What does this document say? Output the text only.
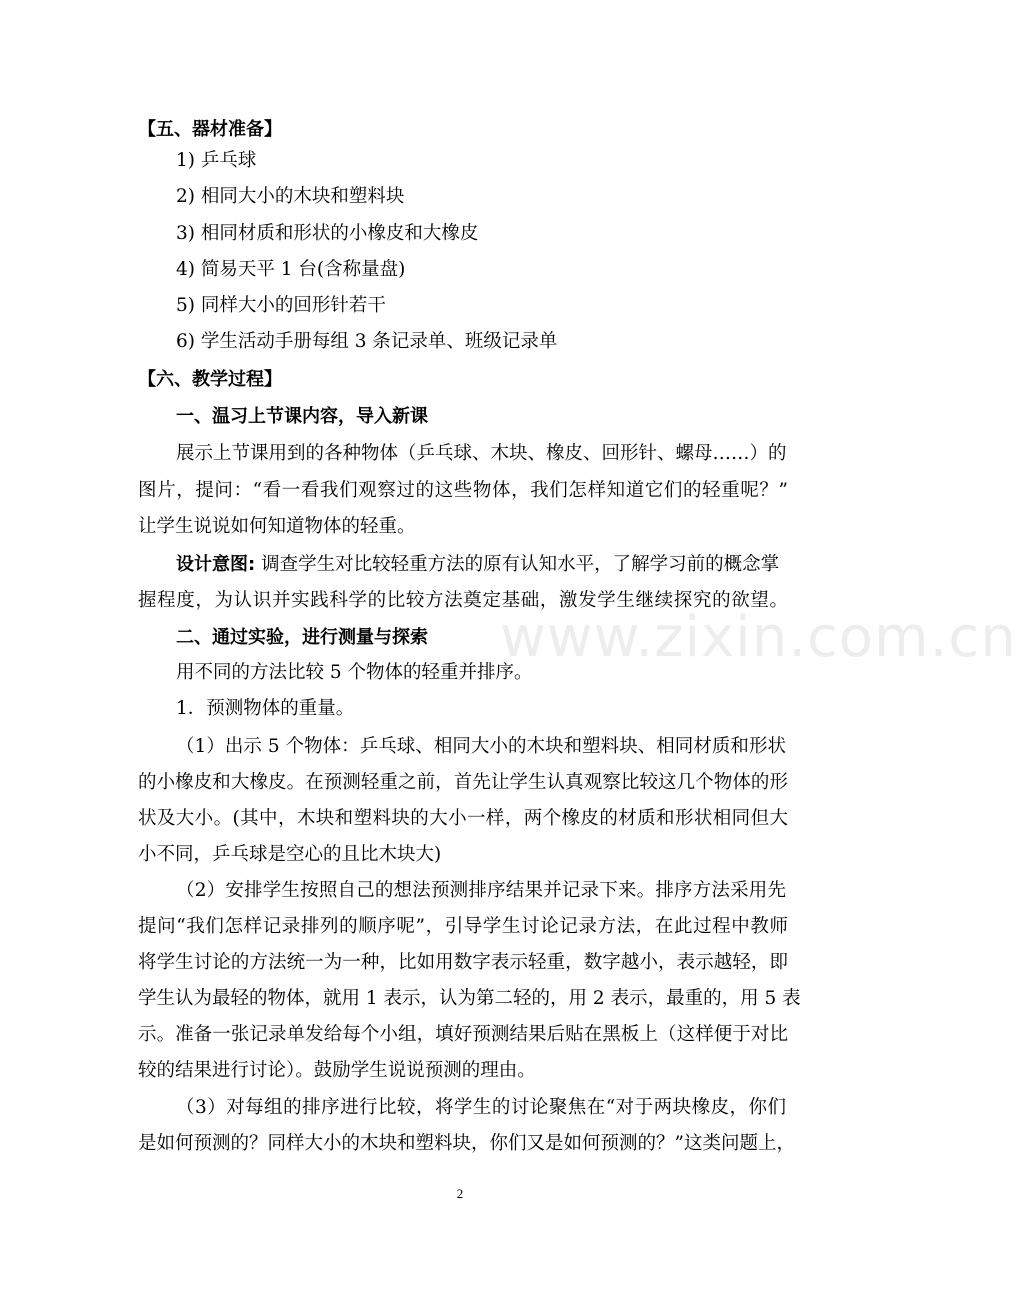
www.zixin.com.cn
【五、器材准备】
1) 乒乓球
2) 相同大小的木块和塑料块
3) 相同材质和形状的小橡皮和大橡皮
4) 简易天平 1 台(含称量盘)
5) 同样大小的回形针若干
6) 学生活动手册每组 3 条记录单、班级记录单
【六、教学过程】
一、温习上节课内容，导入新课
展示上节课用到的各种物体（乒乓球、木块、橡皮、回形针、螺母……）的
图片，提问：“看一看我们观察过的这些物体，我们怎样知道它们的轻重呢？”
让学生说说如何知道物体的轻重。
设计意图: 调查学生对比较轻重方法的原有认知水平，了解学习前的概念掌
握程度，为认识并实践科学的比较方法奠定基础，激发学生继续探究的欲望。
二、通过实验，进行测量与探索
用不同的方法比较 5 个物体的轻重并排序。
1．预测物体的重量。
（1）出示 5 个物体：乒乓球、相同大小的木块和塑料块、相同材质和形状
的小橡皮和大橡皮。在预测轻重之前，首先让学生认真观察比较这几个物体的形
状及大小。(其中，木块和塑料块的大小一样，两个橡皮的材质和形状相同但大
小不同，乒乓球是空心的且比木块大)
（2）安排学生按照自己的想法预测排序结果并记录下来。排序方法采用先
提问“我们怎样记录排列的顺序呢”，引导学生讨论记录方法，在此过程中教师
将学生讨论的方法统一为一种，比如用数字表示轻重，数字越小，表示越轻，即
学生认为最轻的物体，就用 1 表示，认为第二轻的，用 2 表示，最重的，用 5 表
示。准备一张记录单发给每个小组，填好预测结果后贴在黑板上（这样便于对比
较的结果进行讨论）。鼓励学生说说预测的理由。
（3）对每组的排序进行比较，将学生的讨论聚焦在“对于两块橡皮，你们
是如何预测的？同样大小的木块和塑料块，你们又是如何预测的？”这类问题上，
2
